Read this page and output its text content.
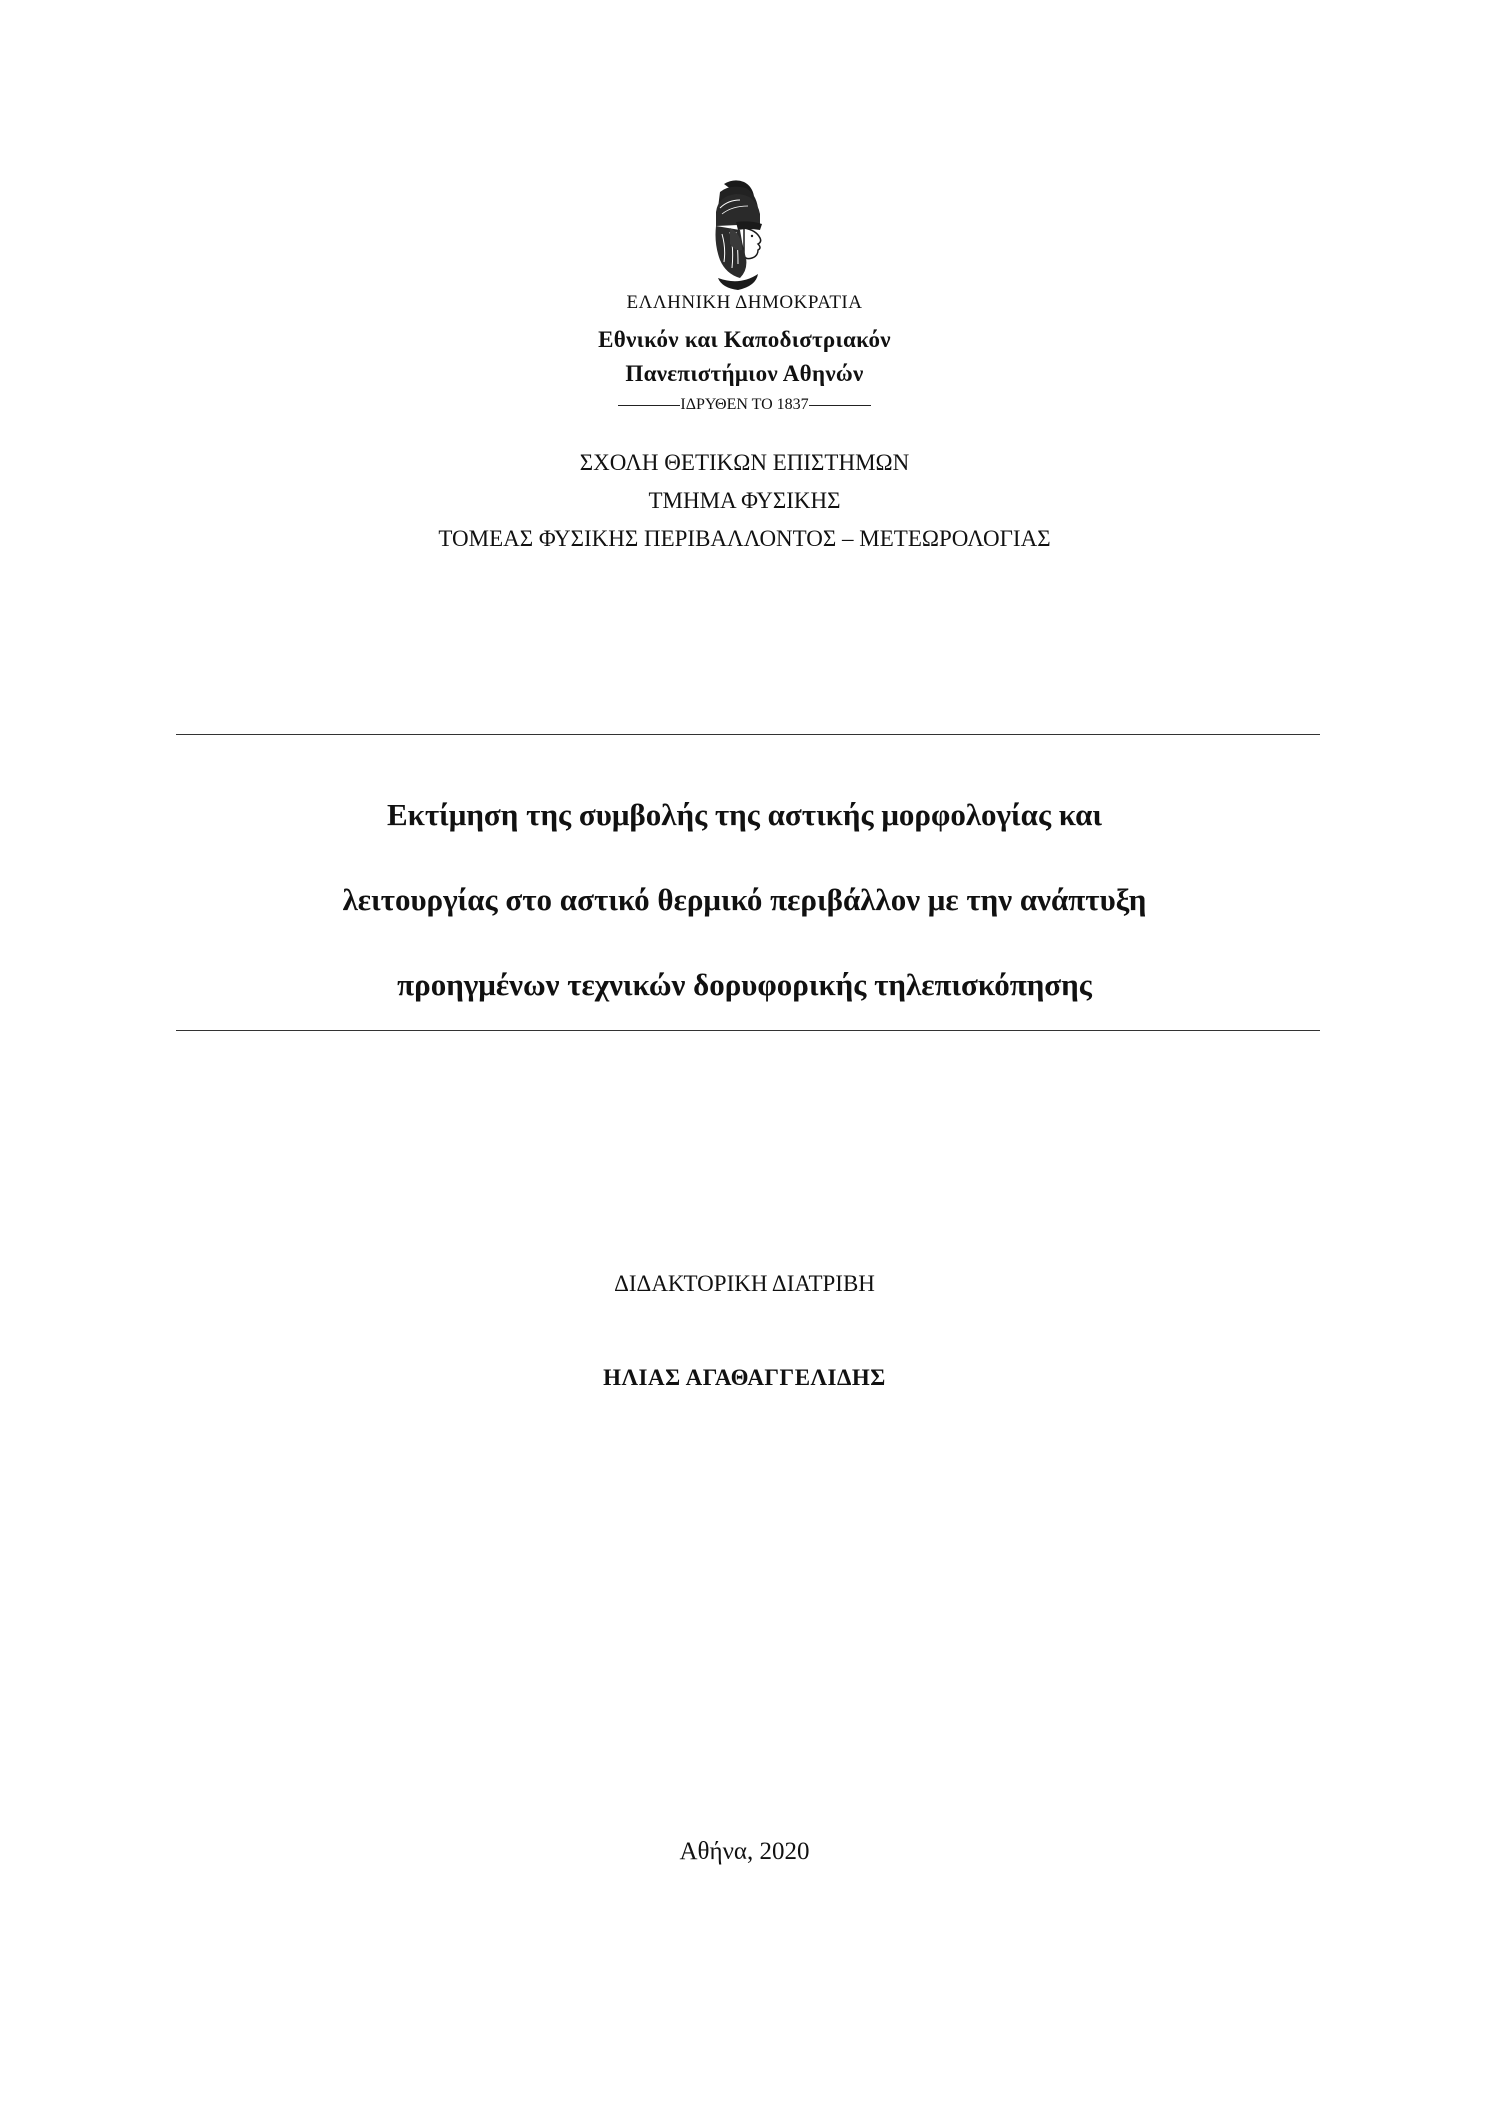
ΕΛΛΗΝΙΚΗ ΔΗΜΟΚΡΑΤΙΑ
Εθνικόν και Καποδιστριακόν
Πανεπιστήμιον Αθηνών
ΙΔΡΥΘΕΝ ΤΟ 1837
ΣΧΟΛΗ ΘΕΤΙΚΩΝ ΕΠΙΣΤΗΜΩΝ
ΤΜΗΜΑ ΦΥΣΙΚΗΣ
ΤΟΜΕΑΣ ΦΥΣΙΚΗΣ ΠΕΡΙΒΑΛΛΟΝΤΟΣ – ΜΕΤΕΩΡΟΛΟΓΙΑΣ
Εκτίμηση της συμβολής της αστικής μορφολογίας και
λειτουργίας στο αστικό θερμικό περιβάλλον με την ανάπτυξη
προηγμένων τεχνικών δορυφορικής τηλεπισκόπησης
ΔΙΔΑΚΤΟΡΙΚΗ ΔΙΑΤΡΙΒΗ
ΗΛΙΑΣ ΑΓΑΘΑΓΓΕΛΙΔΗΣ
Αθήνα, 2020
